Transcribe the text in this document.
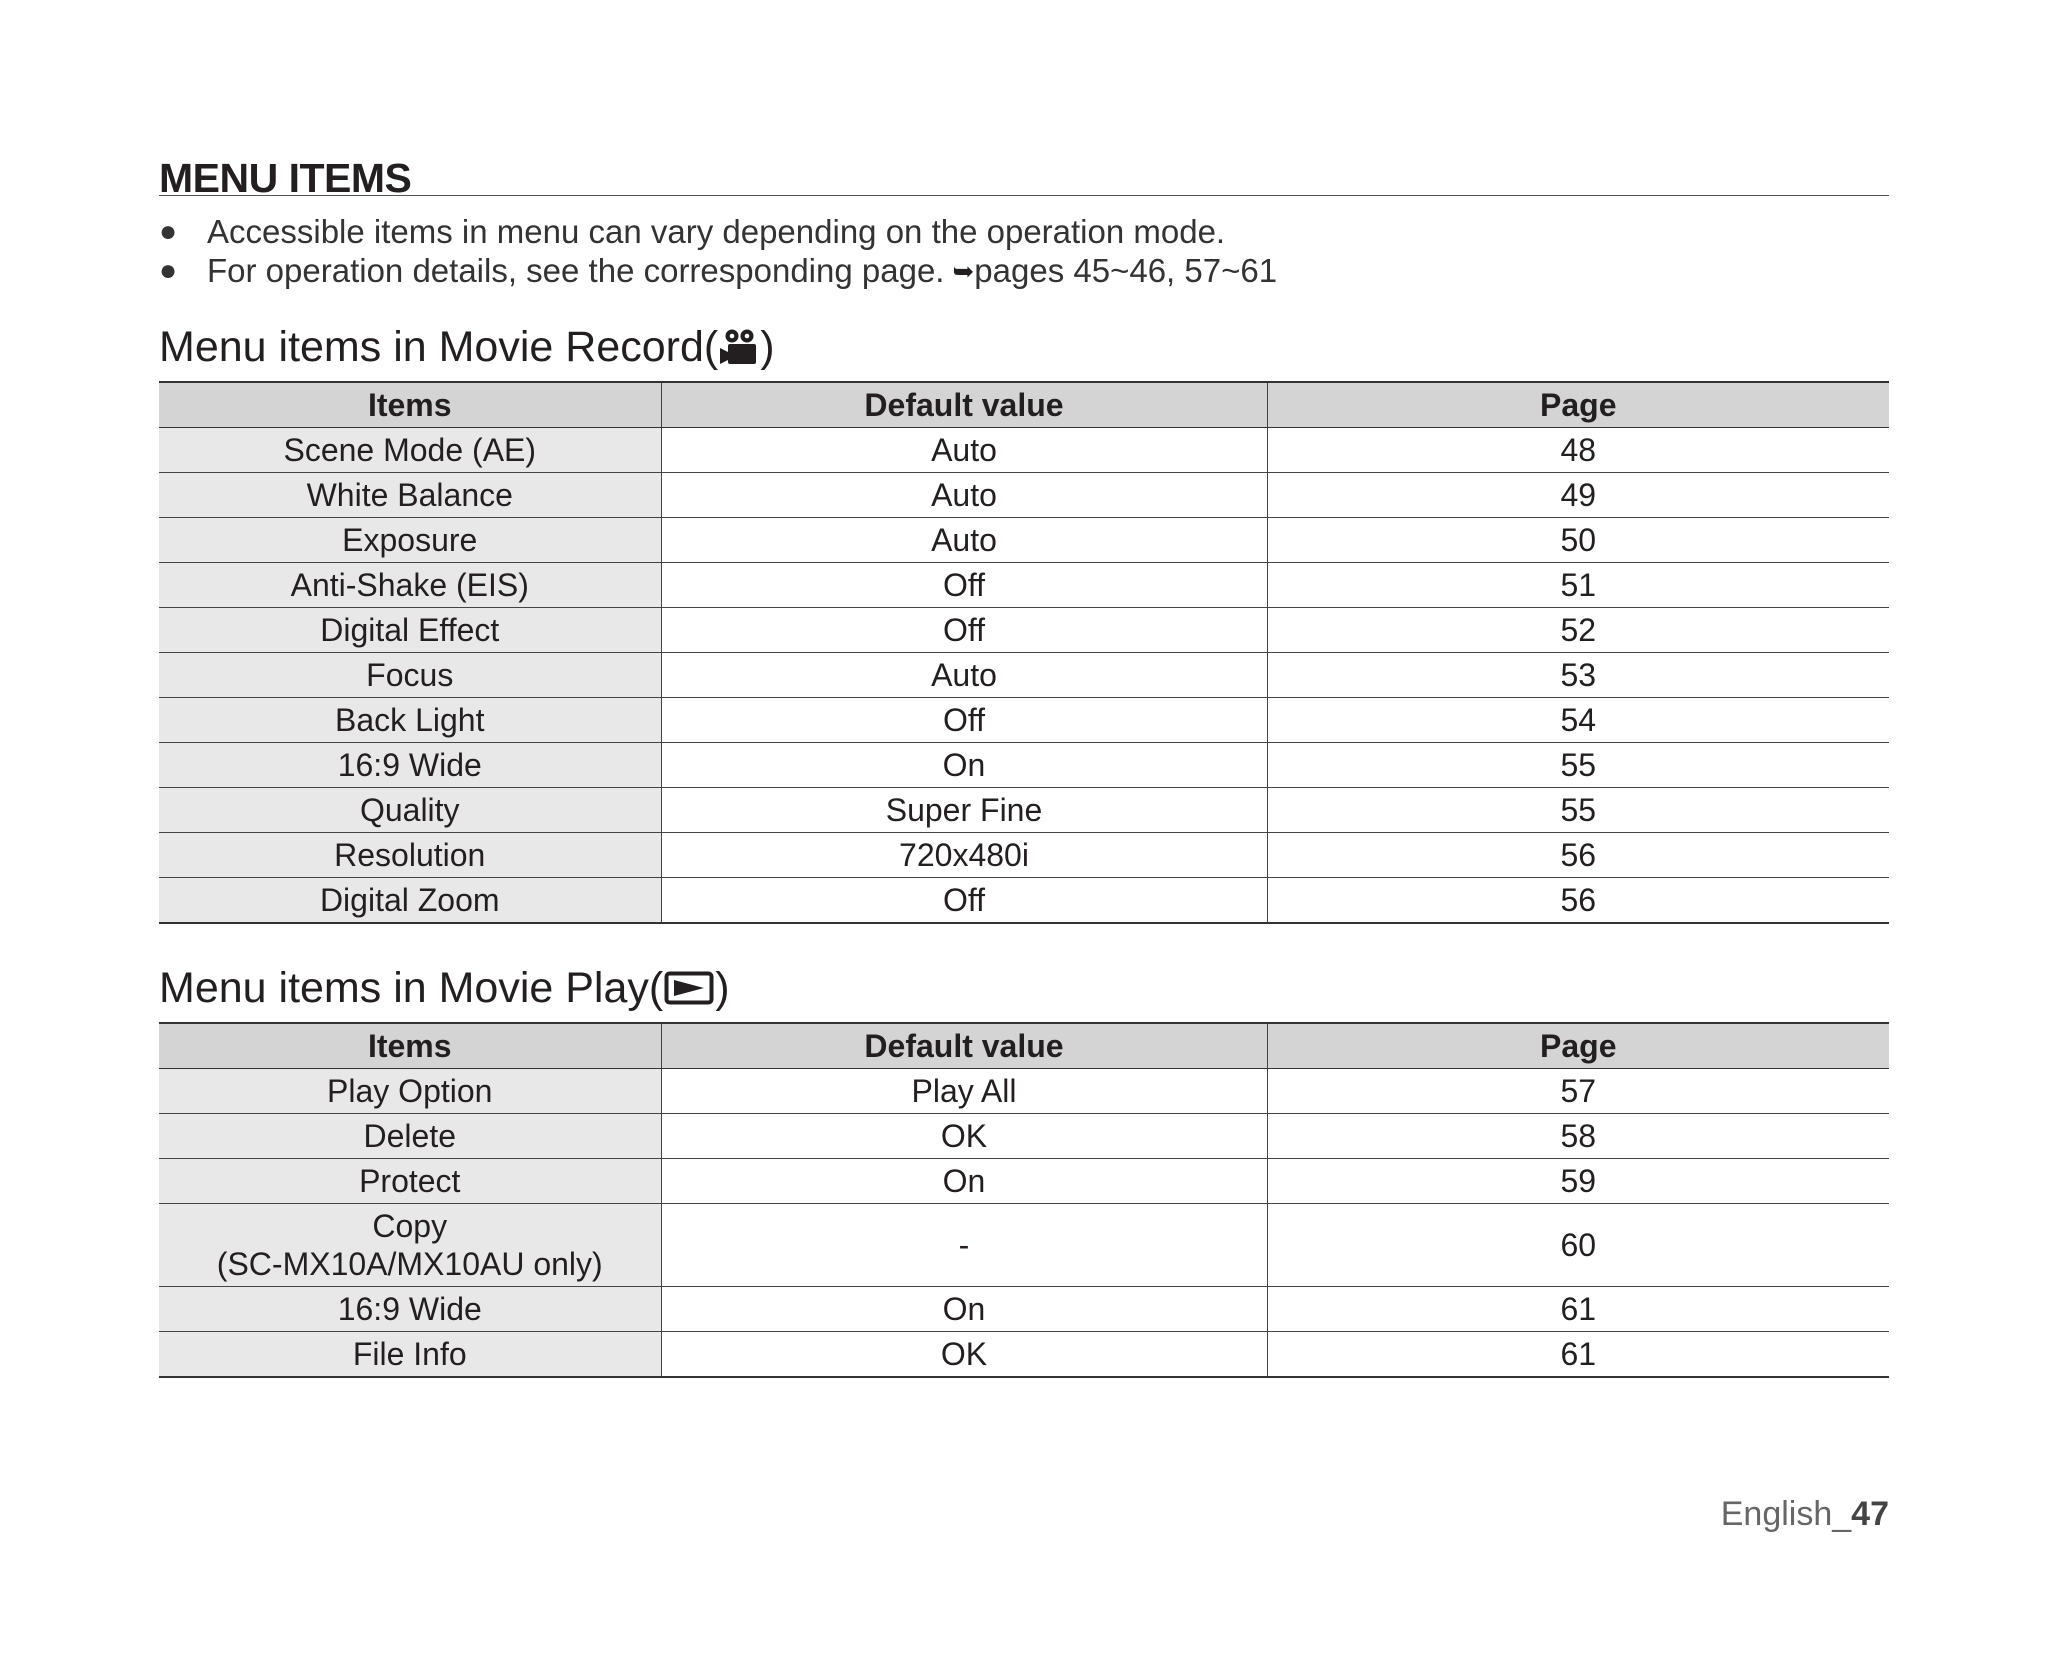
MENU ITEMS
● Accessible items in menu can vary depending on the operation mode.
● For operation details, see the corresponding page. ➥pages 45~46, 57~61
Menu items in Movie Record( )
Items	Default value	Page
Scene Mode (AE)	Auto	48
White Balance	Auto	49
Exposure	Auto	50
Anti-Shake (EIS)	Off	51
Digital Effect	Off	52
Focus	Auto	53
Back Light	Off	54
16:9 Wide	On	55
Quality	Super Fine	55
Resolution	720x480i	56
Digital Zoom	Off	56
Menu items in Movie Play( )
Items	Default value	Page
Play Option	Play All	57
Delete	OK	58
Protect	On	59

Copy
(SC-MX10A/MX10AU only)	-	60
16:9 Wide	On	61
File Info	OK	61
English_47
